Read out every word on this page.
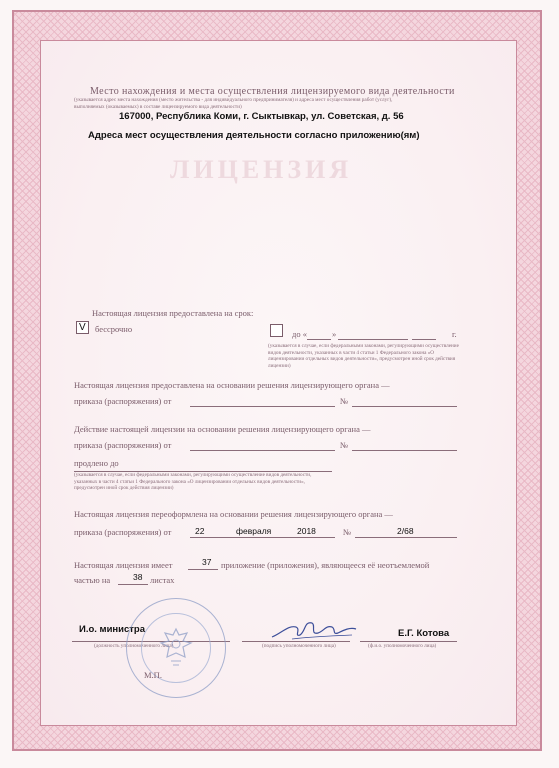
ЛИЦЕНЗИЯ
Место нахождения и места осуществления лицензируемого вида деятельности
(указывается адрес места нахождения (место жительства - для индивидуального предпринимателя) и адреса мест осуществления работ (услуг),
выполняемых (оказываемых) в составе лицензируемого вида деятельности)
167000, Республика Коми, г. Сыктывкар, ул. Советская, д. 56
Адреса мест осуществления деятельности согласно приложению(ям)
Настоящая лицензия предоставлена на срок:
V бессрочно	до «	»	г.
(указывается в случае, если федеральными законами, регулирующими осуществление видов деятельности, указанных в части 4 статьи 1 Федерального закона «О лицензировании отдельных видов деятельности», предусмотрен иной срок действия лицензии)
Настоящая лицензия предоставлена на основании решения лицензирующего органа —
приказа (распоряжения) от	№
Действие настоящей лицензии на основании решения лицензирующего органа —
приказа (распоряжения) от	№
продлено до
(указывается в случае, если федеральными законами, регулирующими осуществление видов деятельности, указанных в части 4 статьи 1 Федерального закона «О лицензировании отдельных видов деятельности», предусмотрен иной срок действия лицензии)
Настоящая лицензия переоформлена на основании решения лицензирующего органа —
приказа (распоряжения) от	22	февраля	2018	№	2/68
Настоящая лицензия имеет	37 приложение (приложения), являющееся её неотъемлемой
частью на	38 листах
И.о. министра
(должность уполномоченного лица)	(подпись уполномоченного лица)
Е.Г. Котова
(ф.и.о. уполномоченного лица)
М.П.
